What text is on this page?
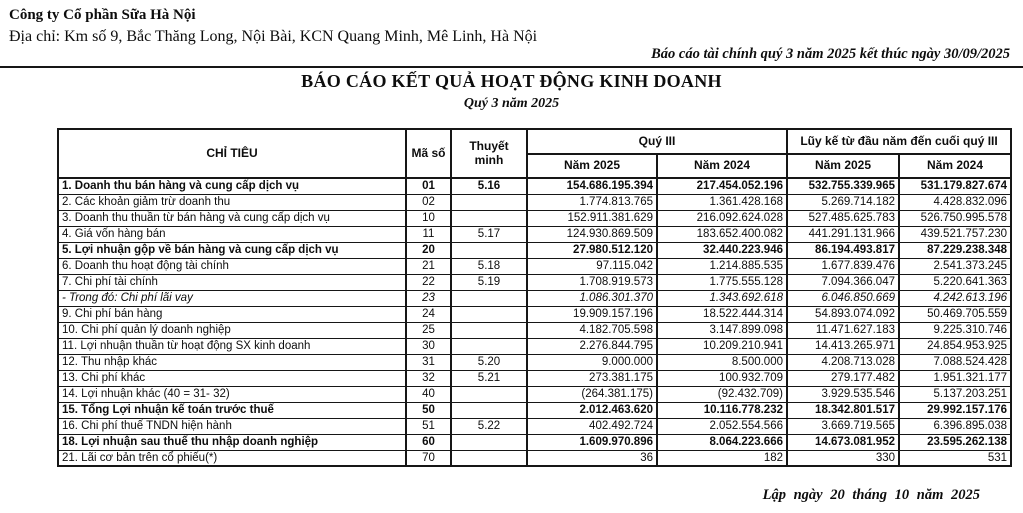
Công ty Cổ phần Sữa Hà Nội
Địa chỉ: Km số 9, Bắc Thăng Long, Nội Bài, KCN Quang Minh, Mê Linh, Hà Nội
Báo cáo tài chính quý 3 năm 2025 kết thúc ngày 30/09/2025
BÁO CÁO KẾT QUẢ HOẠT ĐỘNG KINH DOANH
Quý 3 năm 2025
CHỈ TIÊU	Mã số	Thuyết minh	Quý III		Lũy kế từ đầu năm đến cuối quý III	
			Năm 2025	Năm 2024	Năm 2025	Năm 2024
1. Doanh thu bán hàng và cung cấp dịch vụ	01	5.16	154.686.195.394	217.454.052.196	532.755.339.965	531.179.827.674
2. Các khoản giảm trừ doanh thu	02		1.774.813.765	1.361.428.168	5.269.714.182	4.428.832.096
3. Doanh thu thuần từ bán hàng và cung cấp dịch vụ	10		152.911.381.629	216.092.624.028	527.485.625.783	526.750.995.578
4. Giá vốn hàng bán	11	5.17	124.930.869.509	183.652.400.082	441.291.131.966	439.521.757.230
5. Lợi nhuận gộp về bán hàng và cung cấp dịch vụ	20		27.980.512.120	32.440.223.946	86.194.493.817	87.229.238.348
6. Doanh thu hoạt động tài chính	21	5.18	97.115.042	1.214.885.535	1.677.839.476	2.541.373.245
7. Chi phí tài chính	22	5.19	1.708.919.573	1.775.555.128	7.094.366.047	5.220.641.363
- Trong đó: Chi phí lãi vay	23		1.086.301.370	1.343.692.618	6.046.850.669	4.242.613.196
9. Chi phí bán hàng	24		19.909.157.196	18.522.444.314	54.893.074.092	50.469.705.559
10. Chi phí quản lý doanh nghiệp	25		4.182.705.598	3.147.899.098	11.471.627.183	9.225.310.746
11. Lợi nhuận thuần từ hoạt động SX kinh doanh	30		2.276.844.795	10.209.210.941	14.413.265.971	24.854.953.925
12. Thu nhập khác	31	5.20	9.000.000	8.500.000	4.208.713.028	7.088.524.428
13. Chi phí khác	32	5.21	273.381.175	100.932.709	279.177.482	1.951.321.177
14. Lợi nhuận khác (40 = 31- 32)	40		(264.381.175)	(92.432.709)	3.929.535.546	5.137.203.251
15. Tổng Lợi nhuận kế toán trước thuế	50		2.012.463.620	10.116.778.232	18.342.801.517	29.992.157.176
16. Chi phí thuế TNDN hiện hành	51	5.22	402.492.724	2.052.554.566	3.669.719.565	6.396.895.038
18. Lợi nhuận sau thuế thu nhập doanh nghiệp	60		1.609.970.896	8.064.223.666	14.673.081.952	23.595.262.138
21. Lãi cơ bản trên cổ phiếu(*)	70		36	182	330	531
Lập ngày 20 tháng 10 năm 2025
